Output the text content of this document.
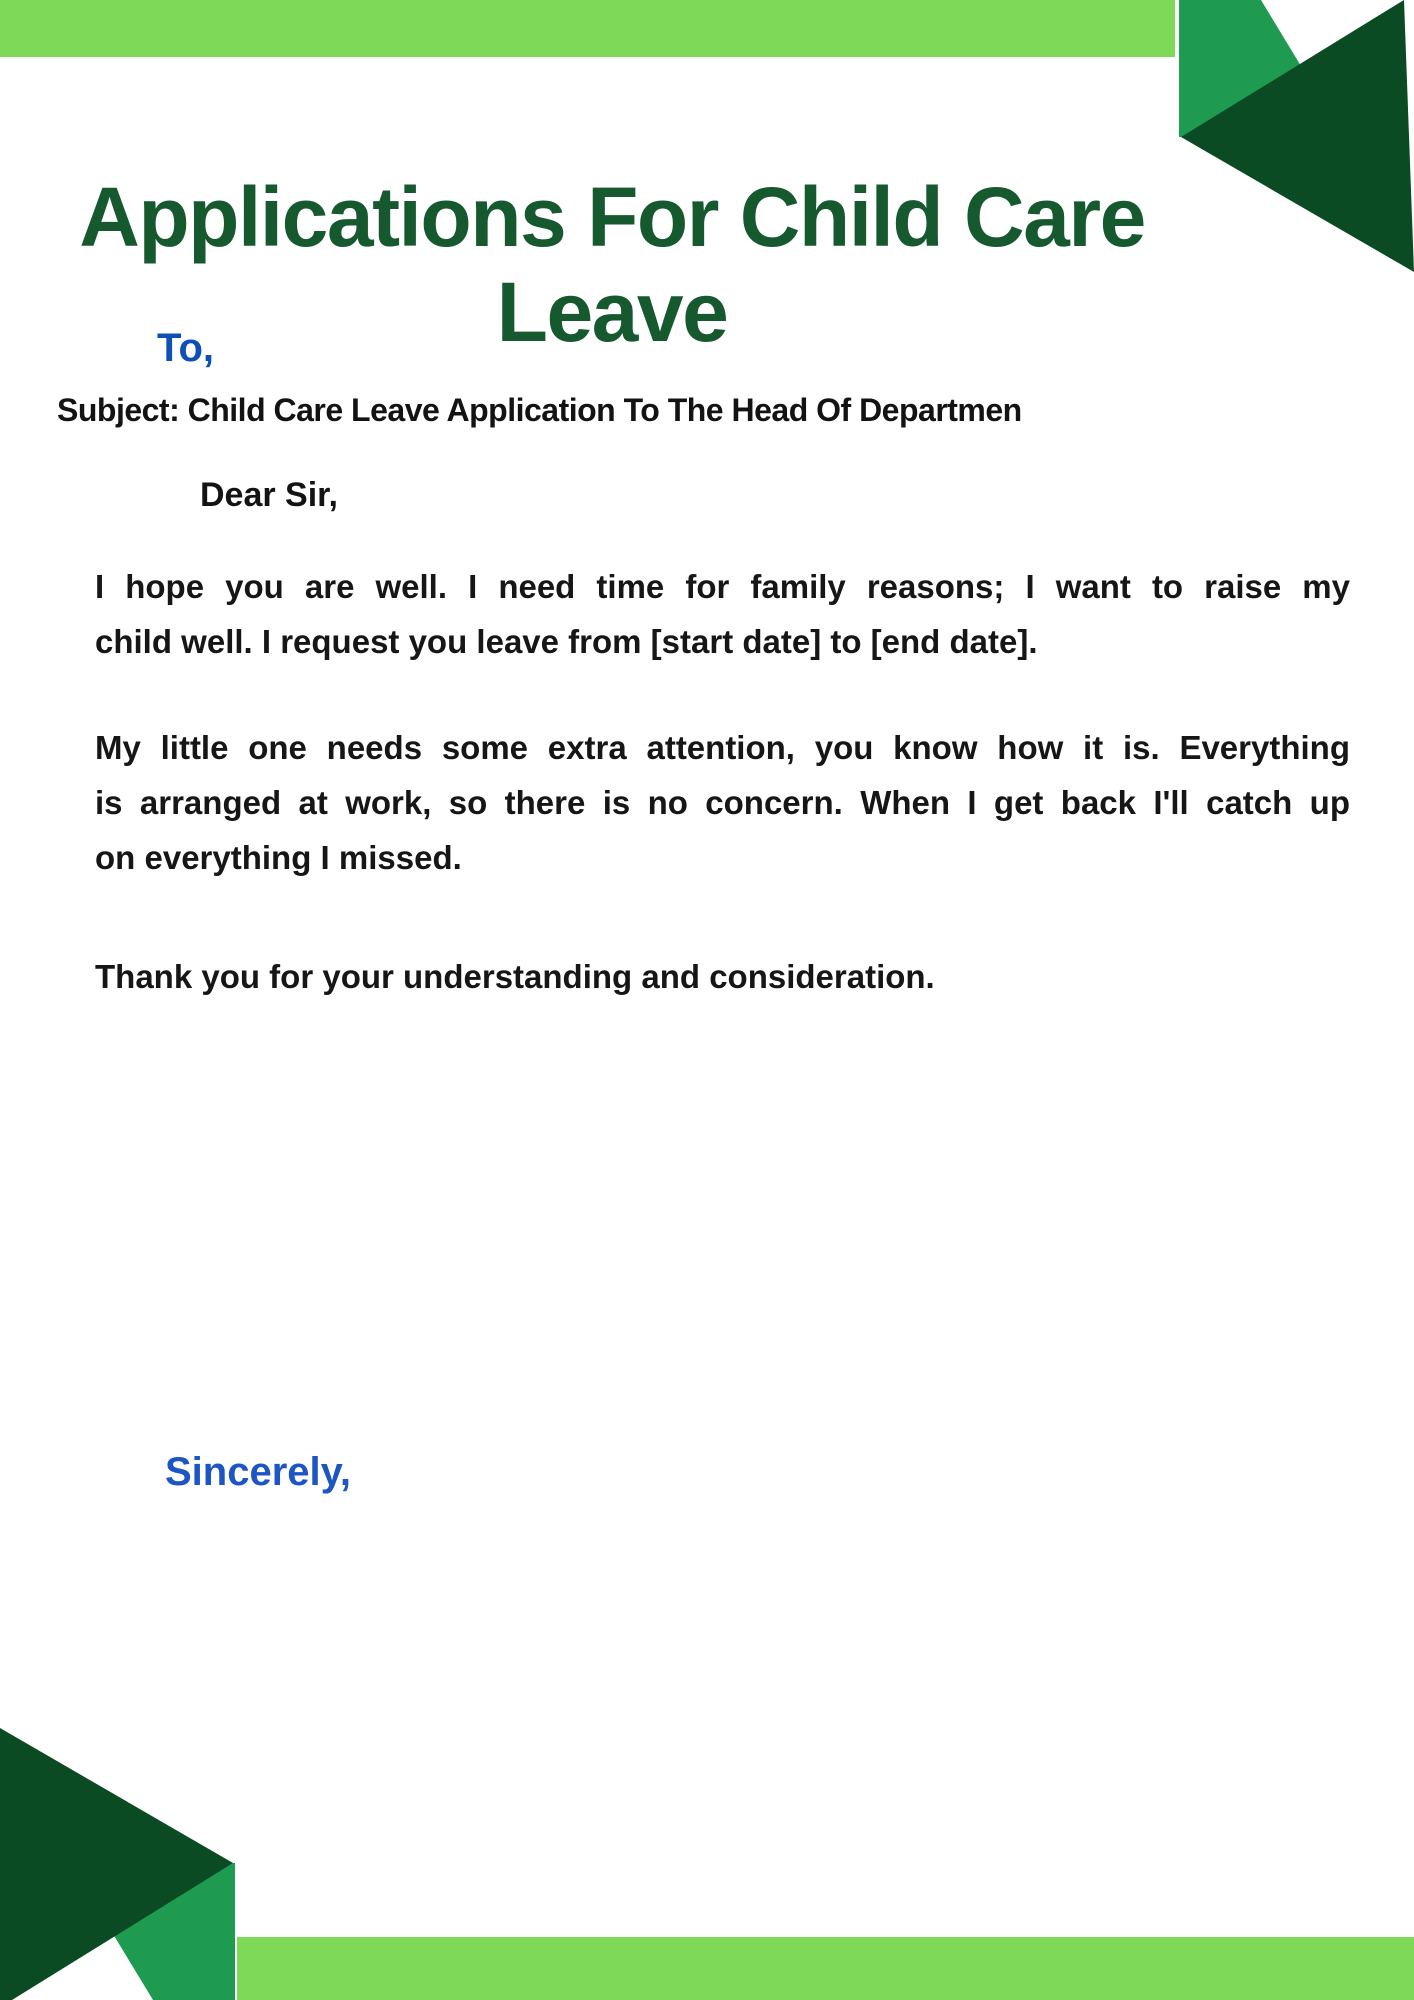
Applications For Child Care
Leave
To,
Subject: Child Care Leave Application To The Head Of Departmen
Dear Sir,
I hope you are well. I need time for family reasons; I want to raise my
child well. I request you leave from [start date] to [end date].
My little one needs some extra attention, you know how it is. Everything
is arranged at work, so there is no concern. When I get back I'll catch up
on everything I missed.
Thank you for your understanding and consideration.
Sincerely,
